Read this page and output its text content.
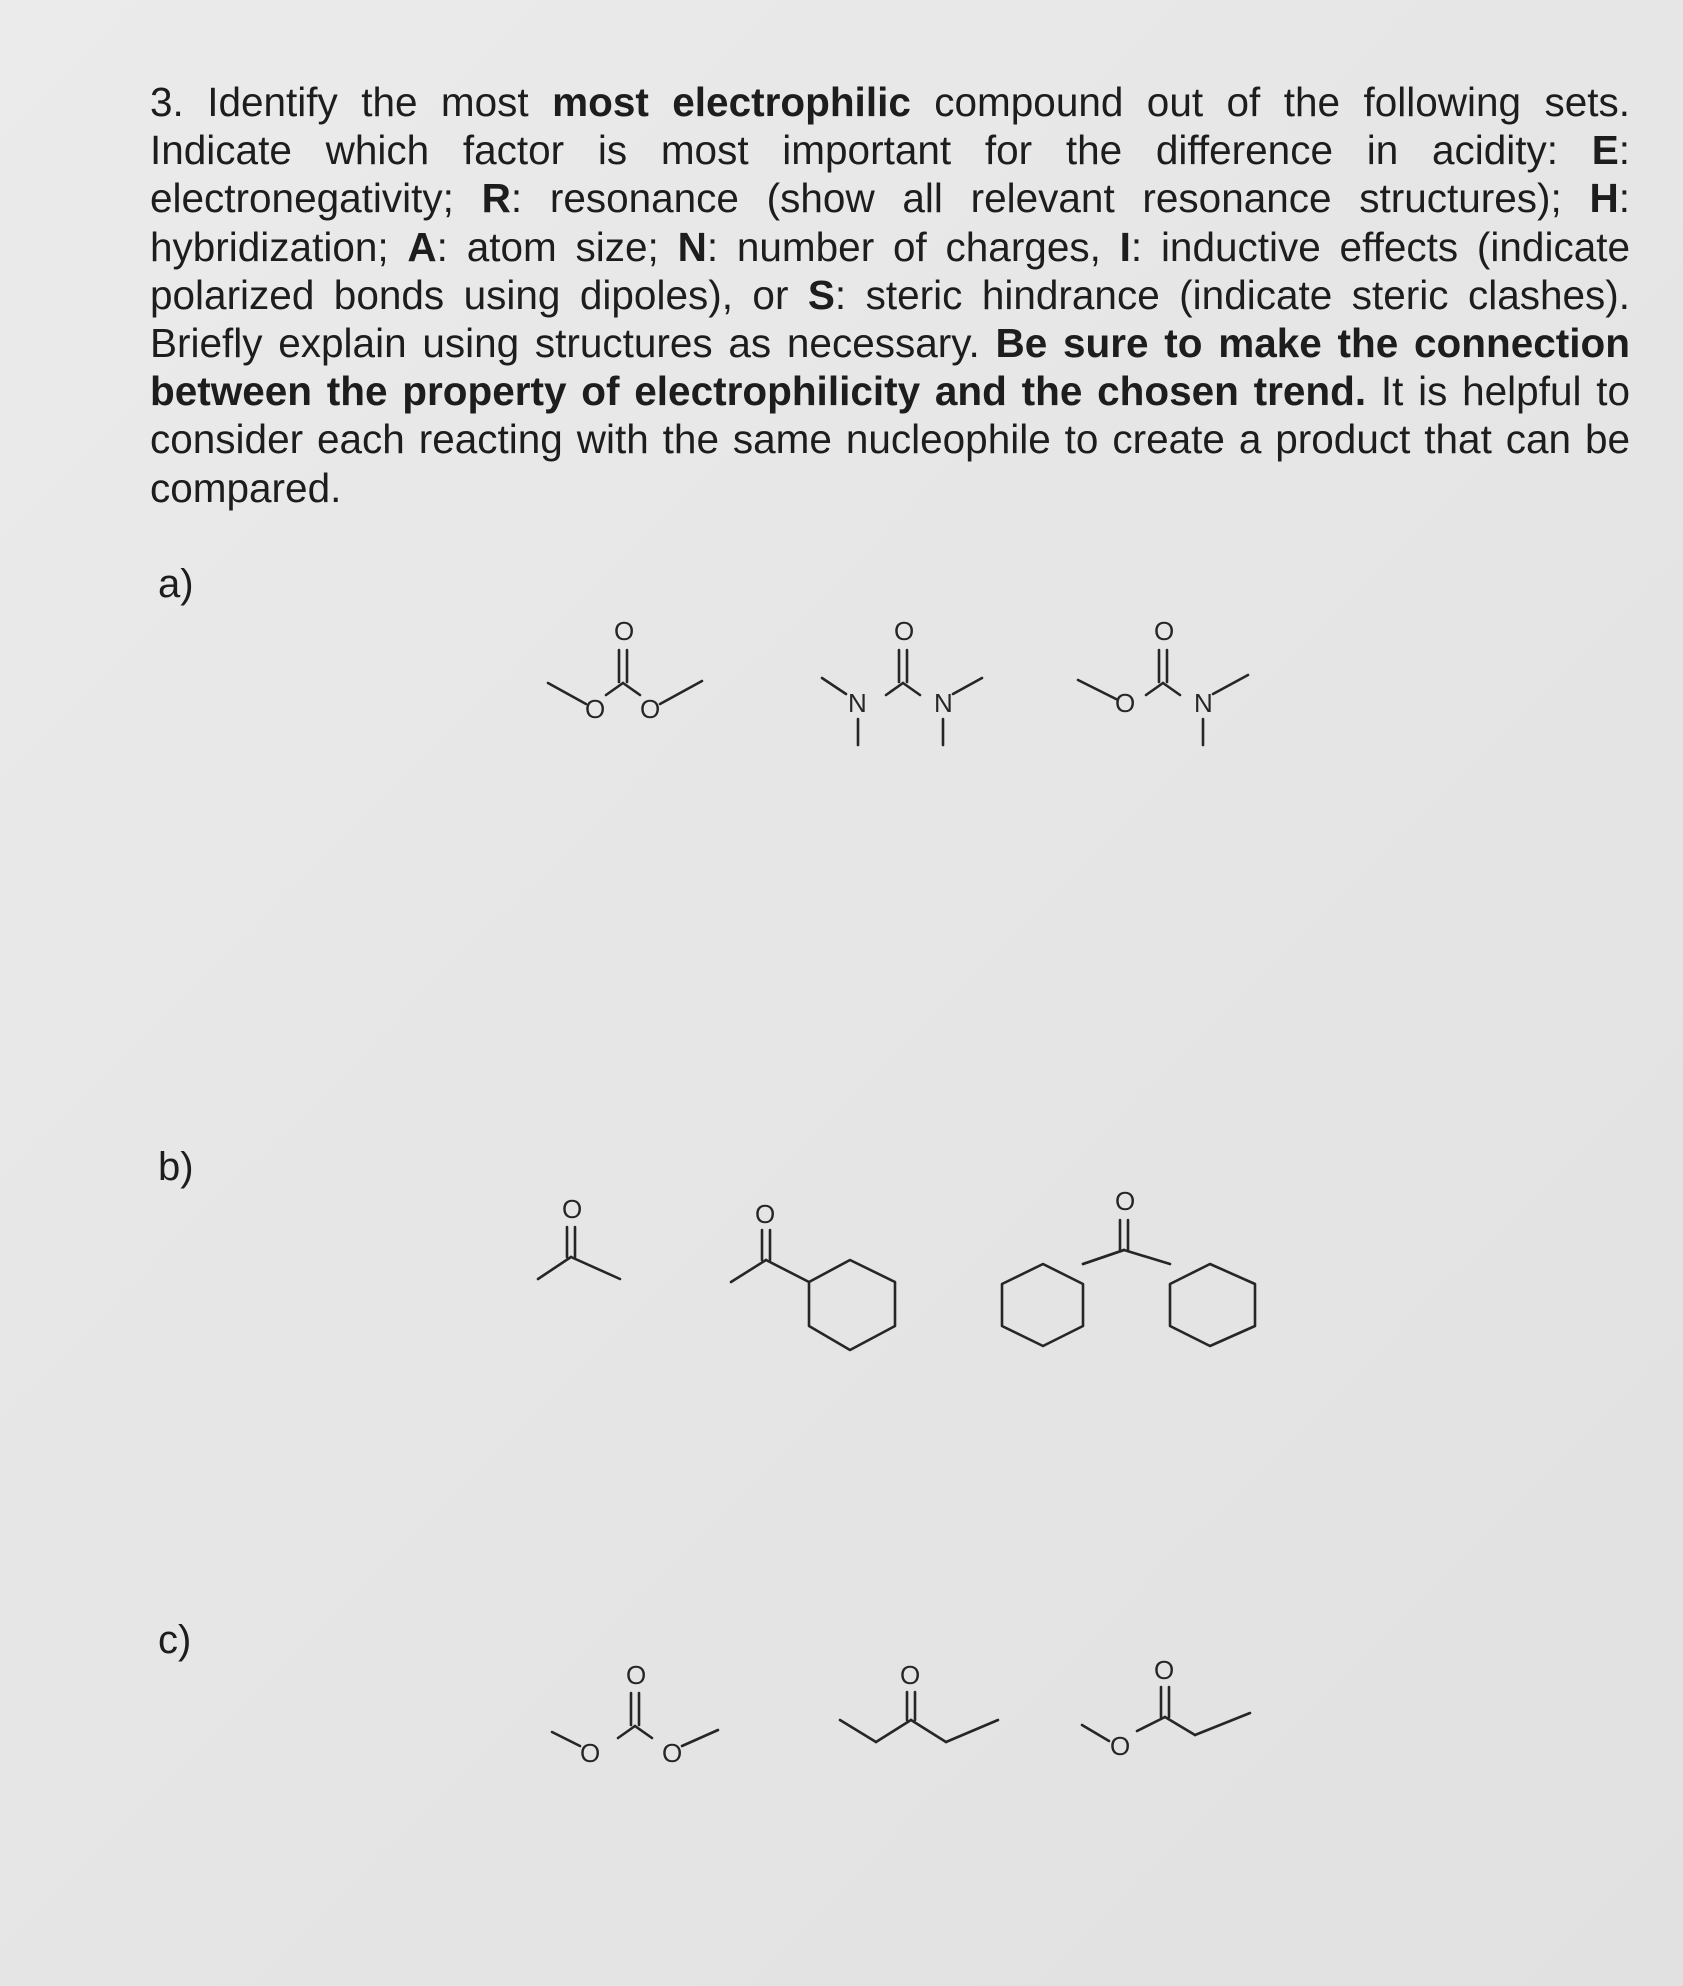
3. Identify the most most electrophilic compound out of the following sets. Indicate which factor is most important for the difference in acidity: E: electronegativity; R: resonance (show all relevant resonance structures); H: hybridization; A: atom size; N: number of charges, I: inductive effects (indicate polarized bonds using dipoles), or S: steric hindrance (indicate steric clashes). Briefly explain using structures as necessary. Be sure to make the connection between the property of electrophilicity and the chosen trend. It is helpful to consider each reacting with the same nucleophile to create a product that can be compared.

a)
O
O O
O
N	N
O
O N
b)
O	O	O
c)
O
O O
O	O
O
